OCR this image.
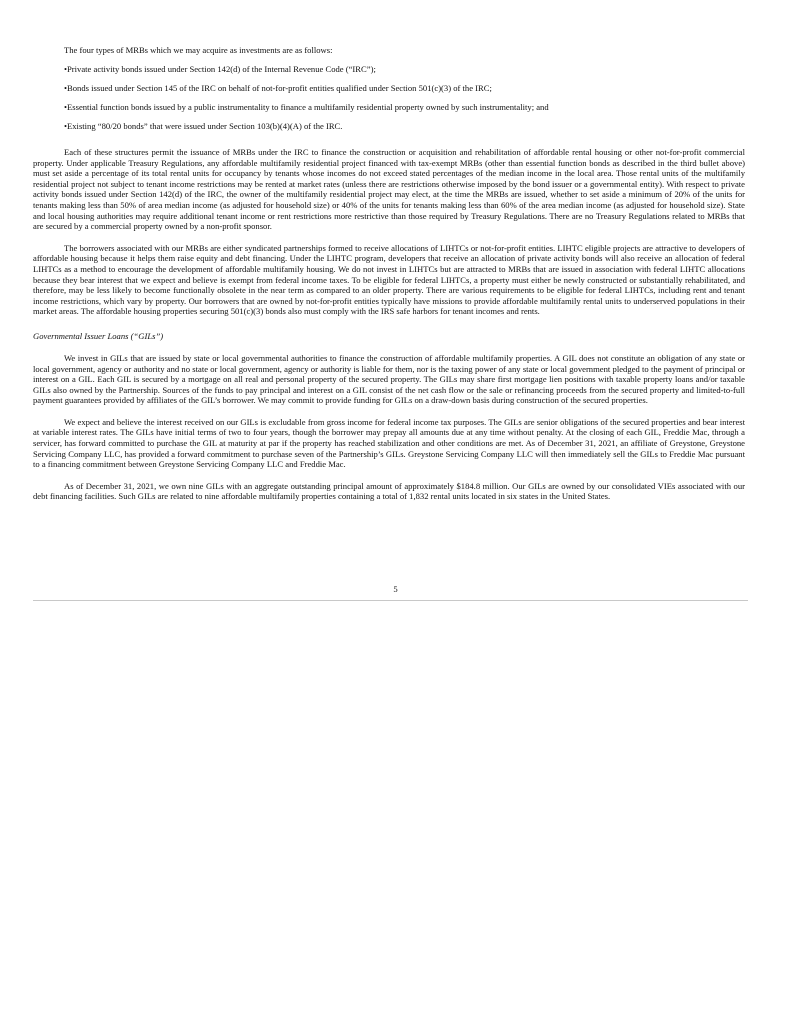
The four types of MRBs which we may acquire as investments are as follows:

•Private activity bonds issued under Section 142(d) of the Internal Revenue Code (“IRC”);
•Bonds issued under Section 145 of the IRC on behalf of not-for-profit entities qualified under Section 501(c)(3) of the IRC;
•Essential function bonds issued by a public instrumentality to finance a multifamily residential property owned by such instrumentality; and
•Existing “80/20 bonds” that were issued under Section 103(b)(4)(A) of the IRC.

Each of these structures permit the issuance of MRBs under the IRC to finance the construction or acquisition and rehabilitation of affordable rental housing or other not-for-profit commercial property. Under applicable Treasury Regulations, any affordable multifamily residential project financed with tax-exempt MRBs (other than essential function bonds as described in the third bullet above) must set aside a percentage of its total rental units for occupancy by tenants whose incomes do not exceed stated percentages of the median income in the local area. Those rental units of the multifamily residential project not subject to tenant income restrictions may be rented at market rates (unless there are restrictions otherwise imposed by the bond issuer or a governmental entity). With respect to private activity bonds issued under Section 142(d) of the IRC, the owner of the multifamily residential project may elect, at the time the MRBs are issued, whether to set aside a minimum of 20% of the units for tenants making less than 50% of area median income (as adjusted for household size) or 40% of the units for tenants making less than 60% of the area median income (as adjusted for household size). State and local housing authorities may require additional tenant income or rent restrictions more restrictive than those required by Treasury Regulations. There are no Treasury Regulations related to MRBs that are secured by a commercial property owned by a non-profit sponsor.

The borrowers associated with our MRBs are either syndicated partnerships formed to receive allocations of LIHTCs or not-for-profit entities. LIHTC eligible projects are attractive to developers of affordable housing because it helps them raise equity and debt financing. Under the LIHTC program, developers that receive an allocation of private activity bonds will also receive an allocation of federal LIHTCs as a method to encourage the development of affordable multifamily housing. We do not invest in LIHTCs but are attracted to MRBs that are issued in association with federal LIHTC allocations because they bear interest that we expect and believe is exempt from federal income taxes. To be eligible for federal LIHTCs, a property must either be newly constructed or substantially rehabilitated, and therefore, may be less likely to become functionally obsolete in the near term as compared to an older property. There are various requirements to be eligible for federal LIHTCs, including rent and tenant income restrictions, which vary by property. Our borrowers that are owned by not-for-profit entities typically have missions to provide affordable multifamily rental units to underserved populations in their market areas. The affordable housing properties securing 501(c)(3) bonds also must comply with the IRS safe harbors for tenant incomes and rents.

Governmental Issuer Loans (“GILs”)

We invest in GILs that are issued by state or local governmental authorities to finance the construction of affordable multifamily properties. A GIL does not constitute an obligation of any state or local government, agency or authority and no state or local government, agency or authority is liable for them, nor is the taxing power of any state or local government pledged to the payment of principal or interest on a GIL. Each GIL is secured by a mortgage on all real and personal property of the secured property. The GILs may share first mortgage lien positions with taxable property loans and/or taxable GILs also owned by the Partnership. Sources of the funds to pay principal and interest on a GIL consist of the net cash flow or the sale or refinancing proceeds from the secured property and limited-to-full payment guarantees provided by affiliates of the GIL’s borrower. We may commit to provide funding for GILs on a draw-down basis during construction of the secured properties.

We expect and believe the interest received on our GILs is excludable from gross income for federal income tax purposes. The GILs are senior obligations of the secured properties and bear interest at variable interest rates. The GILs have initial terms of two to four years, though the borrower may prepay all amounts due at any time without penalty. At the closing of each GIL, Freddie Mac, through a servicer, has forward committed to purchase the GIL at maturity at par if the property has reached stabilization and other conditions are met. As of December 31, 2021, an affiliate of Greystone, Greystone Servicing Company LLC, has provided a forward commitment to purchase seven of the Partnership’s GILs. Greystone Servicing Company LLC will then immediately sell the GILs to Freddie Mac pursuant to a financing commitment between Greystone Servicing Company LLC and Freddie Mac.

As of December 31, 2021, we own nine GILs with an aggregate outstanding principal amount of approximately $184.8 million. Our GILs are owned by our consolidated VIEs associated with our debt financing facilities. Such GILs are related to nine affordable multifamily properties containing a total of 1,832 rental units located in six states in the United States.

5
